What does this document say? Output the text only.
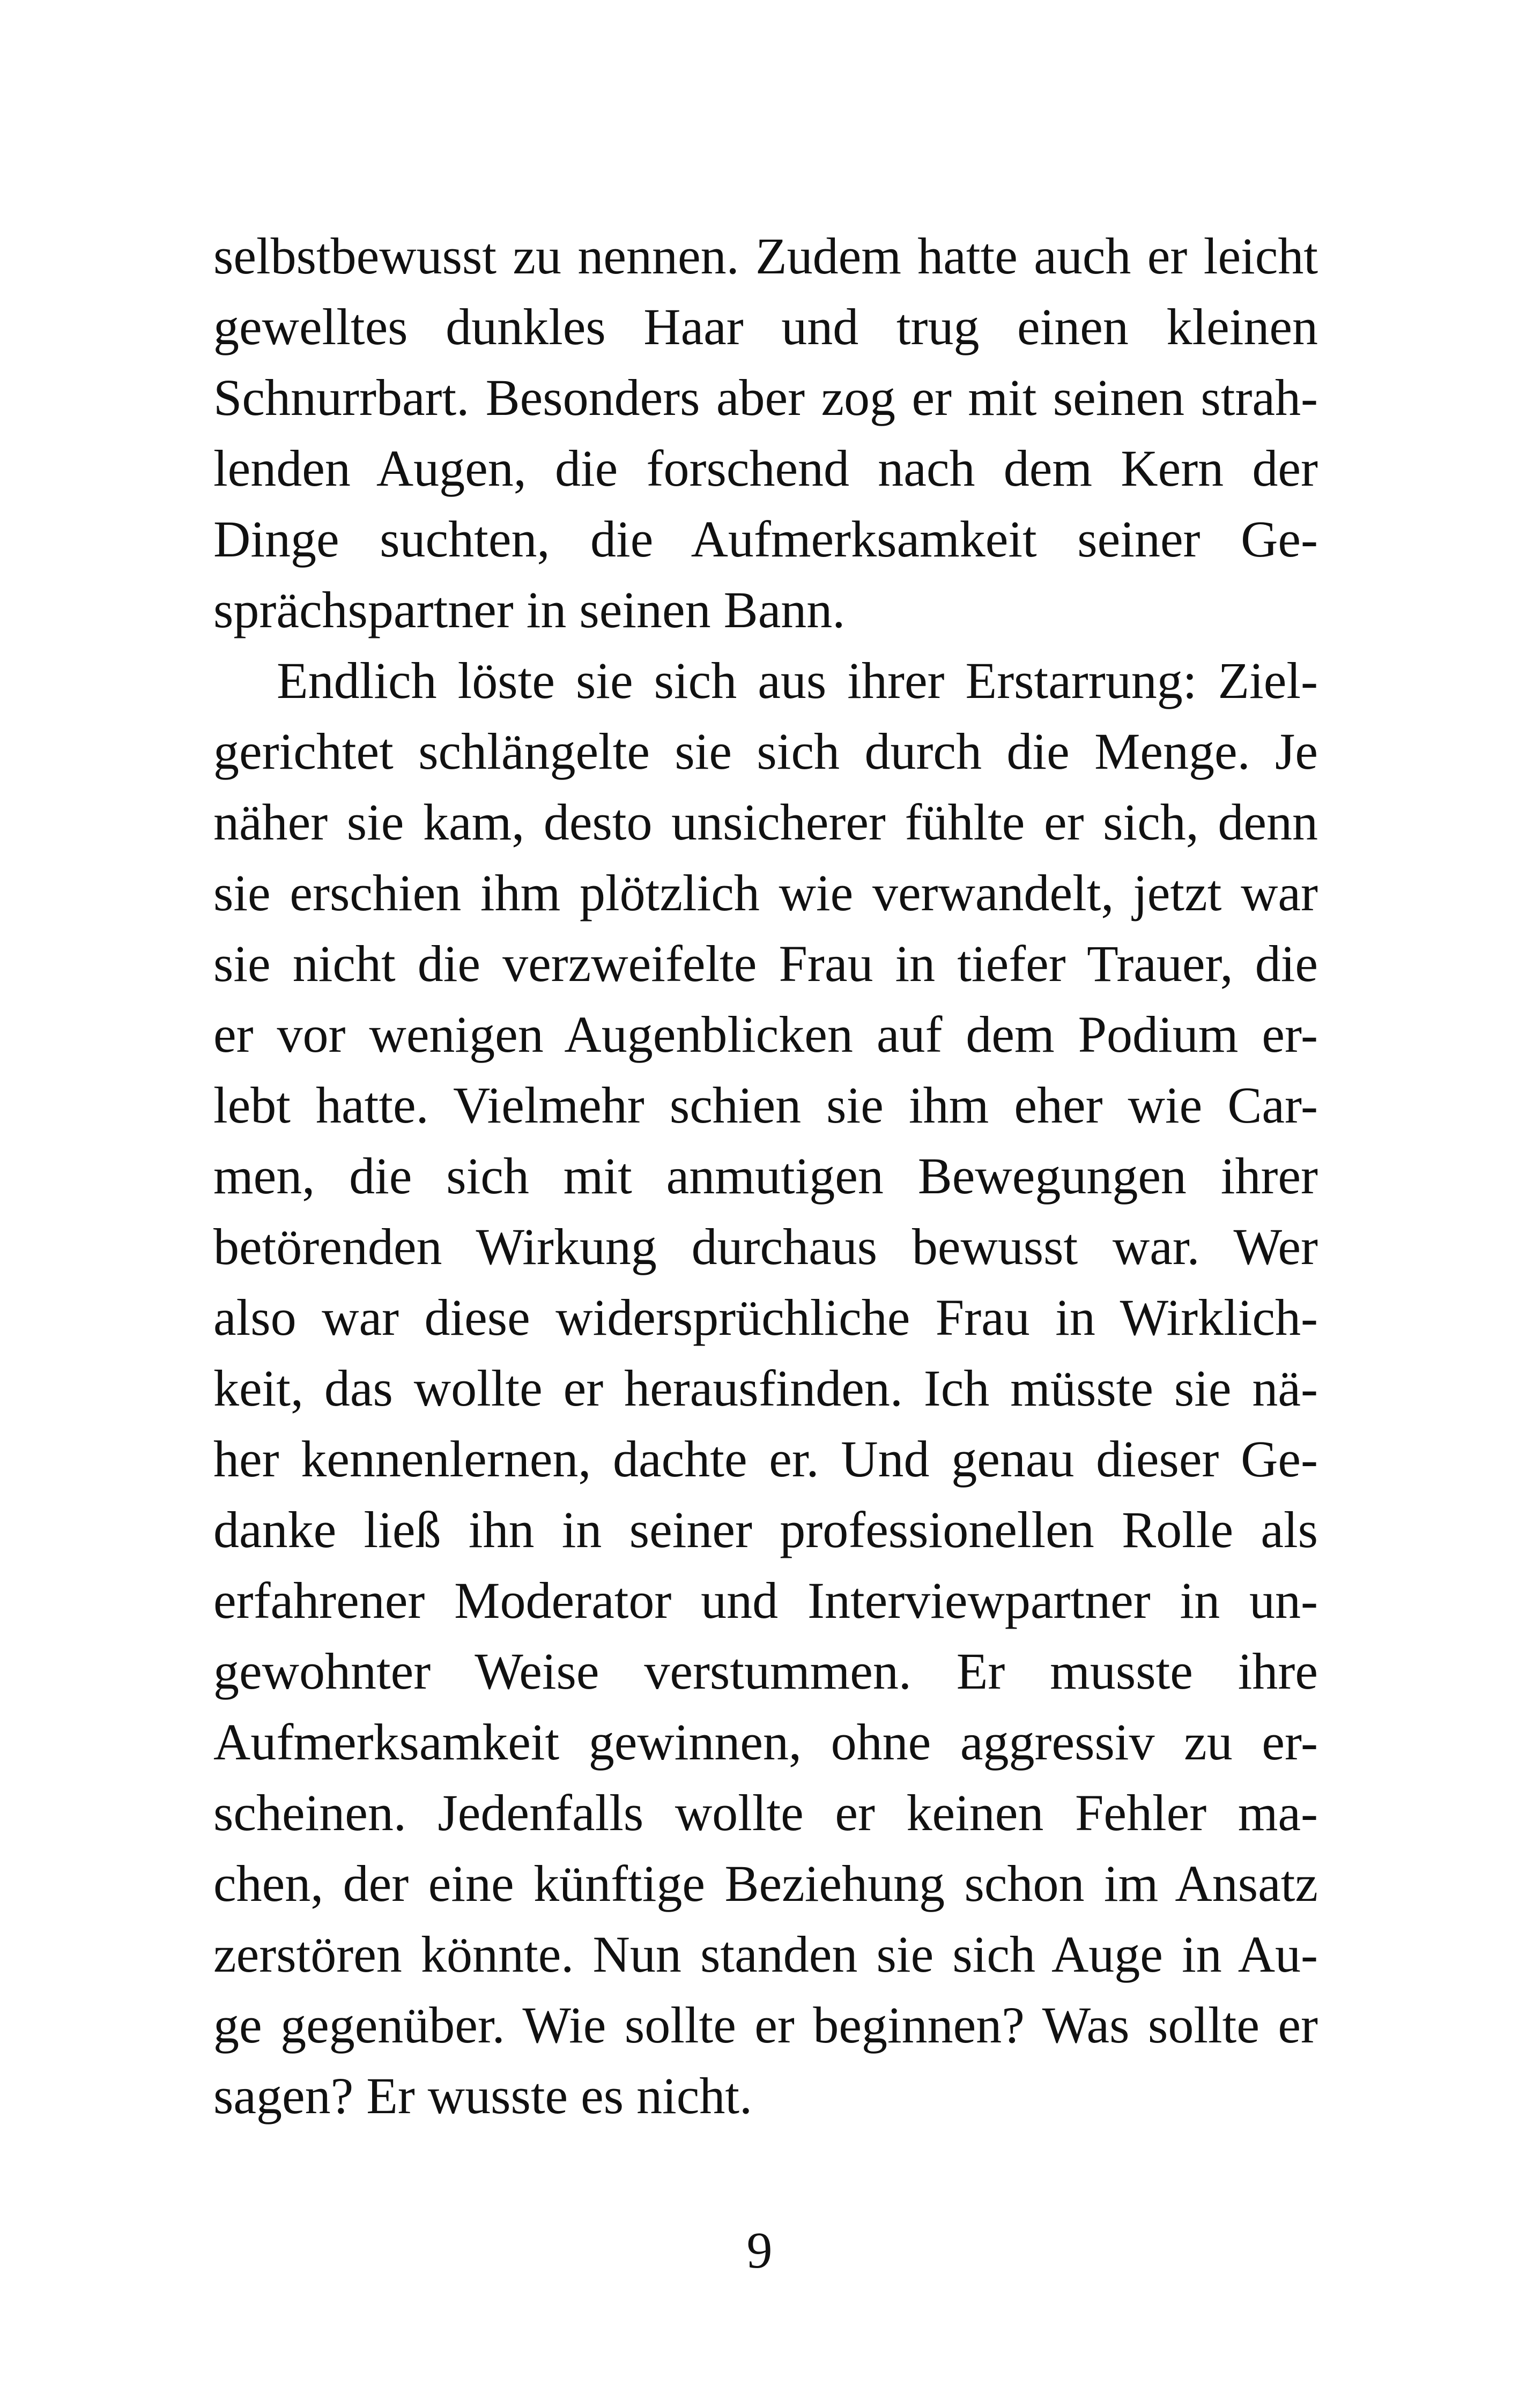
selbstbewusst zu nennen. Zudem hatte auch er leicht
gewelltes dunkles Haar und trug einen kleinen
Schnurrbart. Besonders aber zog er mit seinen strah-
lenden Augen, die forschend nach dem Kern der
Dinge suchten, die Aufmerksamkeit seiner Ge-
sprächspartner in seinen Bann.
Endlich löste sie sich aus ihrer Erstarrung: Ziel-
gerichtet schlängelte sie sich durch die Menge. Je
näher sie kam, desto unsicherer fühlte er sich, denn
sie erschien ihm plötzlich wie verwandelt, jetzt war
sie nicht die verzweifelte Frau in tiefer Trauer, die
er vor wenigen Augenblicken auf dem Podium er-
lebt hatte. Vielmehr schien sie ihm eher wie Car-
men, die sich mit anmutigen Bewegungen ihrer
betörenden Wirkung durchaus bewusst war. Wer
also war diese widersprüchliche Frau in Wirklich-
keit, das wollte er herausfinden. Ich müsste sie nä-
her kennenlernen, dachte er. Und genau dieser Ge-
danke ließ ihn in seiner professionellen Rolle als
erfahrener Moderator und Interviewpartner in un-
gewohnter Weise verstummen. Er musste ihre
Aufmerksamkeit gewinnen, ohne aggressiv zu er-
scheinen. Jedenfalls wollte er keinen Fehler ma-
chen, der eine künftige Beziehung schon im Ansatz
zerstören könnte. Nun standen sie sich Auge in Au-
ge gegenüber. Wie sollte er beginnen? Was sollte er
sagen? Er wusste es nicht.
9
